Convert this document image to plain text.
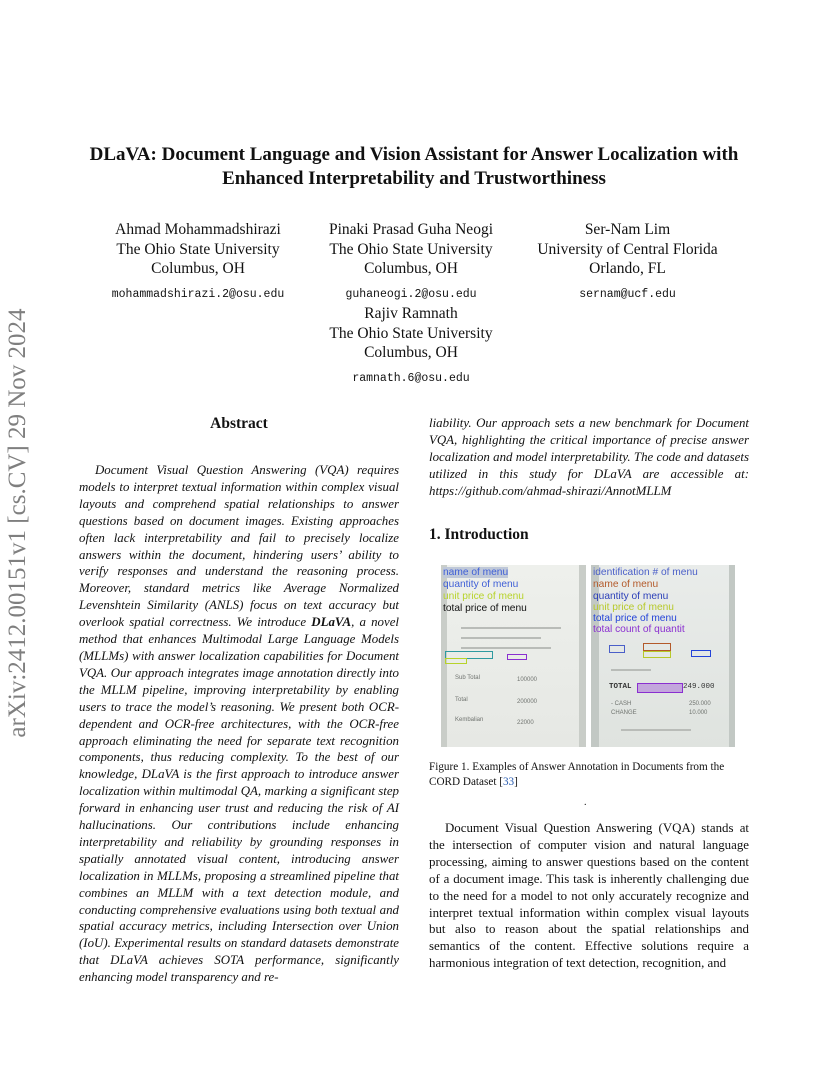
arXiv:2412.00151v1 [cs.CV] 29 Nov 2024
DLaVA: Document Language and Vision Assistant for Answer Localization with
Enhanced Interpretability and Trustworthiness
Ahmad Mohammadshirazi
The Ohio State University
Columbus, OH
mohammadshirazi.2@osu.edu
Pinaki Prasad Guha Neogi
The Ohio State University
Columbus, OH
guhaneogi.2@osu.edu
Ser-Nam Lim
University of Central Florida
Orlando, FL
sernam@ucf.edu
Rajiv Ramnath
The Ohio State University
Columbus, OH
ramnath.6@osu.edu
Abstract

Document Visual Question Answering (VQA) requires models to interpret textual information within complex visual layouts and comprehend spatial relationships to answer questions based on document images. Existing approaches often lack interpretability and fail to precisely localize answers within the document, hindering users’ ability to verify responses and understand the reasoning process. Moreover, standard metrics like Average Normalized Levenshtein Similarity (ANLS) focus on text accuracy but overlook spatial correctness. We introduce DLaVA, a novel method that enhances Multimodal Large Language Models (MLLMs) with answer localization capabilities for Document VQA. Our approach integrates image annotation directly into the MLLM pipeline, improving interpretability by enabling users to trace the model’s reasoning. We present both OCR-dependent and OCR-free architectures, with the OCR-free approach eliminating the need for separate text recognition components, thus reducing complexity. To the best of our knowledge, DLaVA is the first approach to introduce answer localization within multimodal QA, marking a significant step forward in enhancing user trust and reducing the risk of AI hallucinations. Our contributions include enhancing interpretability and reliability by grounding responses in spatially annotated visual content, introducing answer localization in MLLMs, proposing a streamlined pipeline that combines an MLLM with a text detection module, and conducting comprehensive evaluations using both textual and spatial accuracy metrics, including Intersection over Union (IoU). Experimental results on standard datasets demonstrate that DLaVA achieves SOTA performance, significantly enhancing model transparency and re-

liability. Our approach sets a new benchmark for Document VQA, highlighting the critical importance of precise answer localization and model interpretability. The code and datasets utilized in this study for DLaVA are accessible at: https://github.com/ahmad-shirazi/AnnotMLLM

1. Introduction
name of menu
quantity of menu
unit price of menu
total price of menu
Sub Total	100000
Total	200000
Kembalian	22000
identification # of menu
name of menu
quantity of menu
unit price of menu
total price of menu
total count of quantit
TOTAL	249.000
- CASH	250.000
CHANGE	10.000
Figure 1. Examples of Answer Annotation in Documents from the CORD Dataset [33]
.

Document Visual Question Answering (VQA) stands at the intersection of computer vision and natural language processing, aiming to answer questions based on the content of a document image. This task is inherently challenging due to the need for a model to not only accurately recognize and interpret textual information within complex visual layouts but also to reason about the spatial relationships and semantics of the content. Effective solutions require a harmonious integration of text detection, recognition, and
